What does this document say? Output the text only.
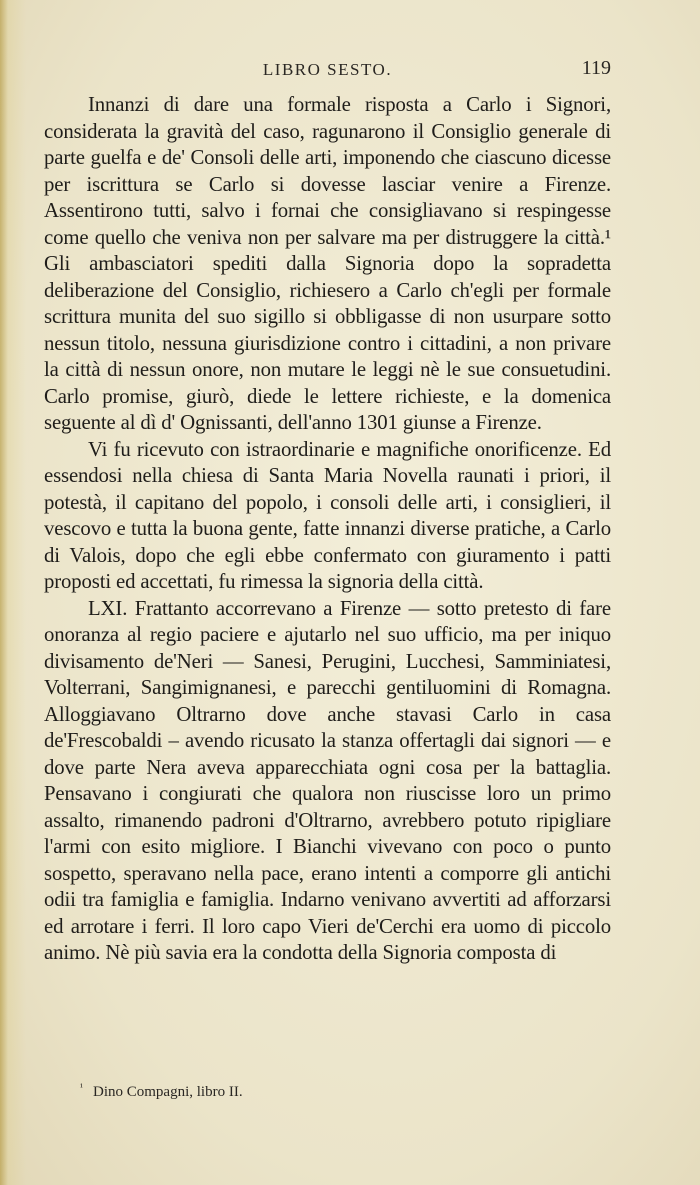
LIBRO SESTO.	119

Innanzi di dare una formale risposta a Carlo i Signori, considerata la gravità del caso, ragunarono il Consiglio generale di parte guelfa e de' Consoli delle arti, imponendo che ciascuno dicesse per iscrittura se Carlo si dovesse lasciar venire a Firenze. Assentirono tutti, salvo i fornai che consigliavano si respingesse come quello che veniva non per salvare ma per distruggere la città.¹ Gli ambasciatori spediti dalla Signoria dopo la sopradetta deliberazione del Consiglio, richiesero a Carlo ch'egli per formale scrittura munita del suo sigillo si obbligasse di non usurpare sotto nessun titolo, nessuna giurisdizione contro i cittadini, a non privare la città di nessun onore, non mutare le leggi nè le sue consuetudini. Carlo promise, giurò, diede le lettere richieste, e la domenica seguente al dì d' Ognissanti, dell'anno 1301 giunse a Firenze.

Vi fu ricevuto con istraordinarie e magnifiche onorificenze. Ed essendosi nella chiesa di Santa Maria Novella raunati i priori, il potestà, il capitano del popolo, i consoli delle arti, i consiglieri, il vescovo e tutta la buona gente, fatte innanzi diverse pratiche, a Carlo di Valois, dopo che egli ebbe confermato con giuramento i patti proposti ed accettati, fu rimessa la signoria della città.

LXI. Frattanto accorrevano a Firenze — sotto pretesto di fare onoranza al regio paciere e ajutarlo nel suo ufficio, ma per iniquo divisamento de'Neri — Sanesi, Perugini, Lucchesi, Samminiatesi, Volterrani, Sangimignanesi, e parecchi gentiluomini di Romagna. Alloggiavano Oltrarno dove anche stavasi Carlo in casa de'Frescobaldi – avendo ricusato la stanza offertagli dai signori — e dove parte Nera aveva apparecchiata ogni cosa per la battaglia. Pensavano i congiurati che qualora non riuscisse loro un primo assalto, rimanendo padroni d'Oltrarno, avrebbero potuto ripigliare l'armi con esito migliore. I Bianchi vivevano con poco o punto sospetto, speravano nella pace, erano intenti a comporre gli antichi odii tra famiglia e famiglia. Indarno venivano avvertiti ad afforzarsi ed arrotare i ferri. Il loro capo Vieri de'Cerchi era uomo di piccolo animo. Nè più savia era la condotta della Signoria composta di

$^{^1}$ Dino Compagni, libro II.
